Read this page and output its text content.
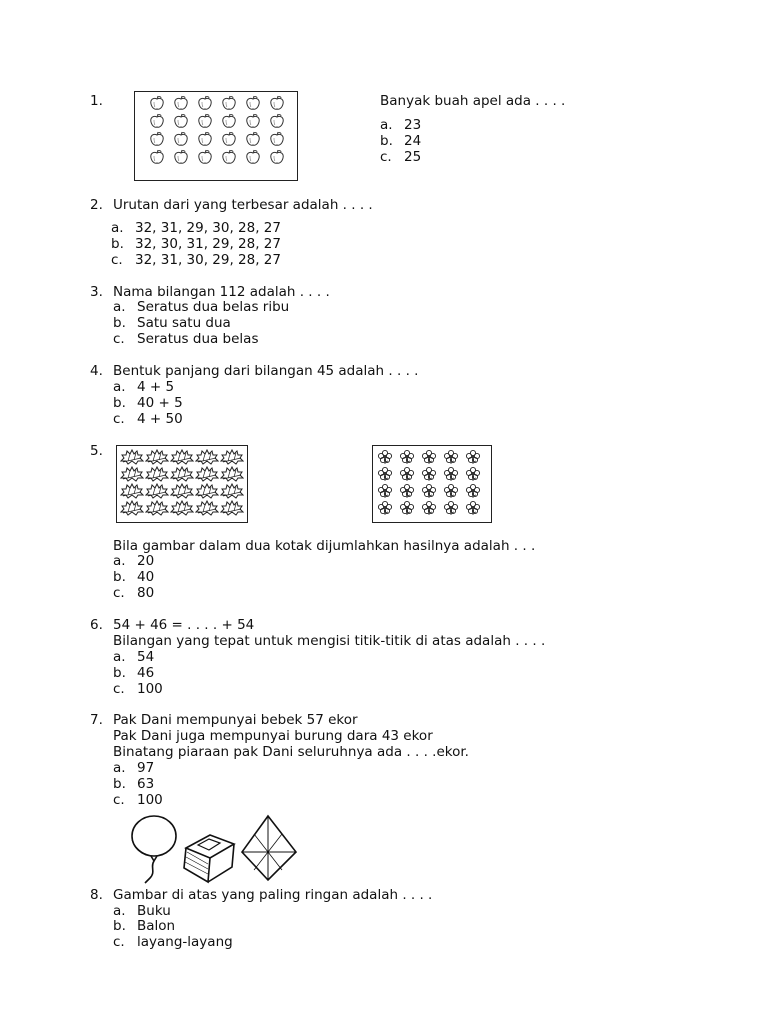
1.	Banyak buah apel ada . . . .
a. 23
b. 24
c. 25
2. Urutan dari yang terbesar adalah . . . .
a. 32, 31, 29, 30, 28, 27
b. 32, 30, 31, 29, 28, 27
c. 32, 31, 30, 29, 28, 27
3. Nama bilangan 112 adalah . . . .
a. Seratus dua belas ribu
b. Satu satu dua
c. Seratus dua belas
4. Bentuk panjang dari bilangan 45 adalah . . . .
a. 4 + 5
b. 40 + 5
c. 4 + 50
5.
Bila gambar dalam dua kotak dijumlahkan hasilnya adalah . . .
a. 20
b. 40
c. 80
6. 54 + 46 = . . . . + 54
Bilangan yang tepat untuk mengisi titik-titik di atas adalah . . . .
a. 54
b. 46
c. 100
7. Pak Dani mempunyai bebek 57 ekor
Pak Dani juga mempunyai burung dara 43 ekor
Binatang piaraan pak Dani seluruhnya ada . . . .ekor.
a. 97
b. 63
c. 100
8. Gambar di atas yang paling ringan adalah . . . .
a. Buku
b. Balon
c. layang-layang
